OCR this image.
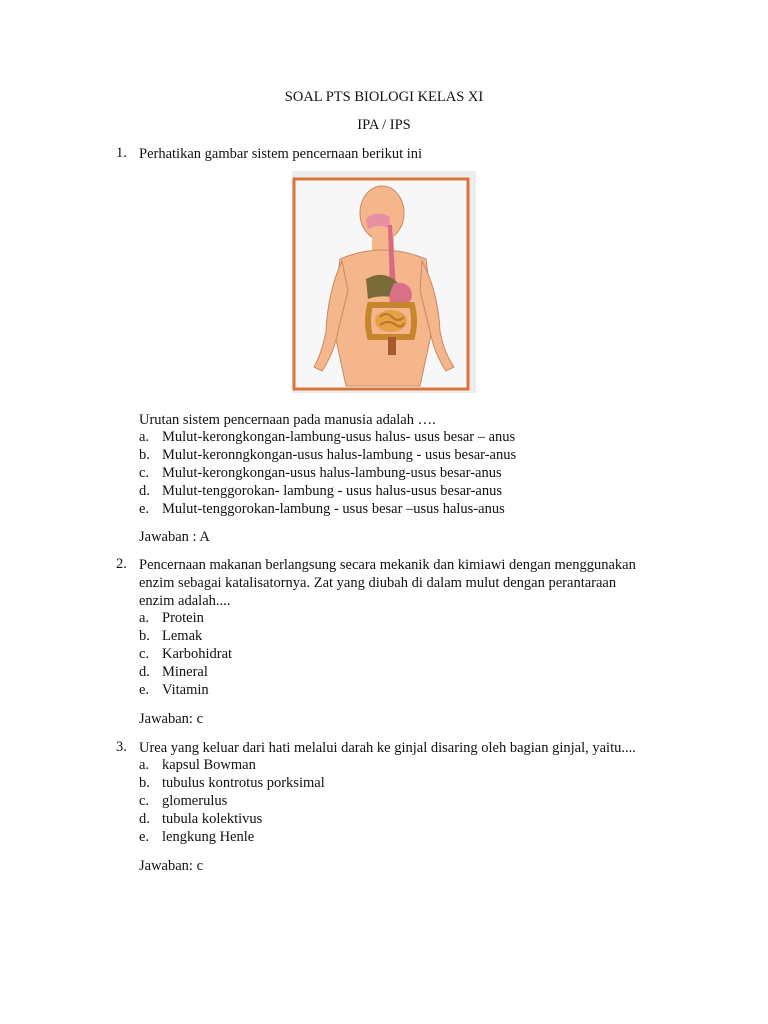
SOAL PTS BIOLOGI KELAS XI
IPA / IPS
1. Perhatikan gambar sistem pencernaan berikut ini
Urutan sistem pencernaan pada manusia adalah ….
a. Mulut-kerongkongan-lambung-usus halus- usus besar – anus
b. Mulut-keronngkongan-usus halus-lambung - usus besar-anus
c. Mulut-kerongkongan-usus halus-lambung-usus besar-anus
d. Mulut-tenggorokan- lambung - usus halus-usus besar-anus
e. Mulut-tenggorokan-lambung - usus besar –usus halus-anus
Jawaban : A
2. Pencernaan makanan berlangsung secara mekanik dan kimiawi dengan menggunakan
enzim sebagai katalisatornya. Zat yang diubah di dalam mulut dengan perantaraan
enzim adalah....
a. Protein
b. Lemak
c. Karbohidrat
d. Mineral
e. Vitamin
Jawaban: c
3. Urea yang keluar dari hati melalui darah ke ginjal disaring oleh bagian ginjal, yaitu....
a. kapsul Bowman
b. tubulus kontrotus porksimal
c. glomerulus
d. tubula kolektivus
e. lengkung Henle
Jawaban: c
